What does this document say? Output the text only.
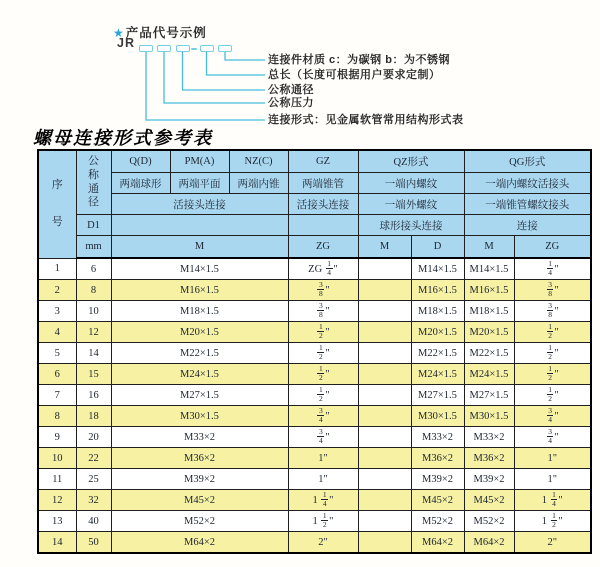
★产品代号示例
JR
连接件材质 c：为碳钢 b：为不锈钢
总长（长度可根据用户要求定制）
公称通径
公称压力
连接形式：见金属软管常用结构形式表
螺母连接形式参考表
序号	公称通径	Q(D)	PM(A)	NZ(C)	GZ	QZ形式		QG形式	
		两端球形	两端平面	两端内锥	两端锥管	一端内螺纹		一端内螺纹活接头	
		活接头连接			活接头连接	一端外螺纹		一端锥管螺纹接头	
	D1					球形接头连接		连接	
	mm	M			ZG	M	D	M	ZG
1	6	M14×1.5			ZG $\frac{1}{4}$ "		M14×1.5	M14×1.5	$\frac{1}{4}$ "
2	8	M16×1.5			$\frac{3}{8}$ "		M16×1.5	M16×1.5	$\frac{3}{8}$ "
3	10	M18×1.5			$\frac{3}{8}$ "		M18×1.5	M18×1.5	$\frac{3}{8}$ "
4	12	M20×1.5			$\frac{1}{2}$ "		M20×1.5	M20×1.5	$\frac{1}{2}$ "
5	14	M22×1.5			$\frac{1}{2}$ "		M22×1.5	M22×1.5	$\frac{1}{2}$ "
6	15	M24×1.5			$\frac{1}{2}$ "		M24×1.5	M24×1.5	$\frac{1}{2}$ "
7	16	M27×1.5			$\frac{1}{2}$ "		M27×1.5	M27×1.5	$\frac{1}{2}$ "
8	18	M30×1.5			$\frac{3}{4}$ "		M30×1.5	M30×1.5	$\frac{3}{4}$ "
9	20	M33×2			$\frac{3}{4}$ "		M33×2	M33×2	$\frac{3}{4}$ "
10	22	M36×2			1"		M36×2	M36×2	1"
11	25	M39×2			1"		M39×2	M39×2	1"
12	32	M45×2			$1 \frac{1}{4}$ "		M45×2	M45×2	$1 \frac{1}{4}$ "
13	40	M52×2			$1 \frac{1}{2}$ "		M52×2	M52×2	$1 \frac{1}{2}$ "
14	50	M64×2			2"		M64×2	M64×2	2"
